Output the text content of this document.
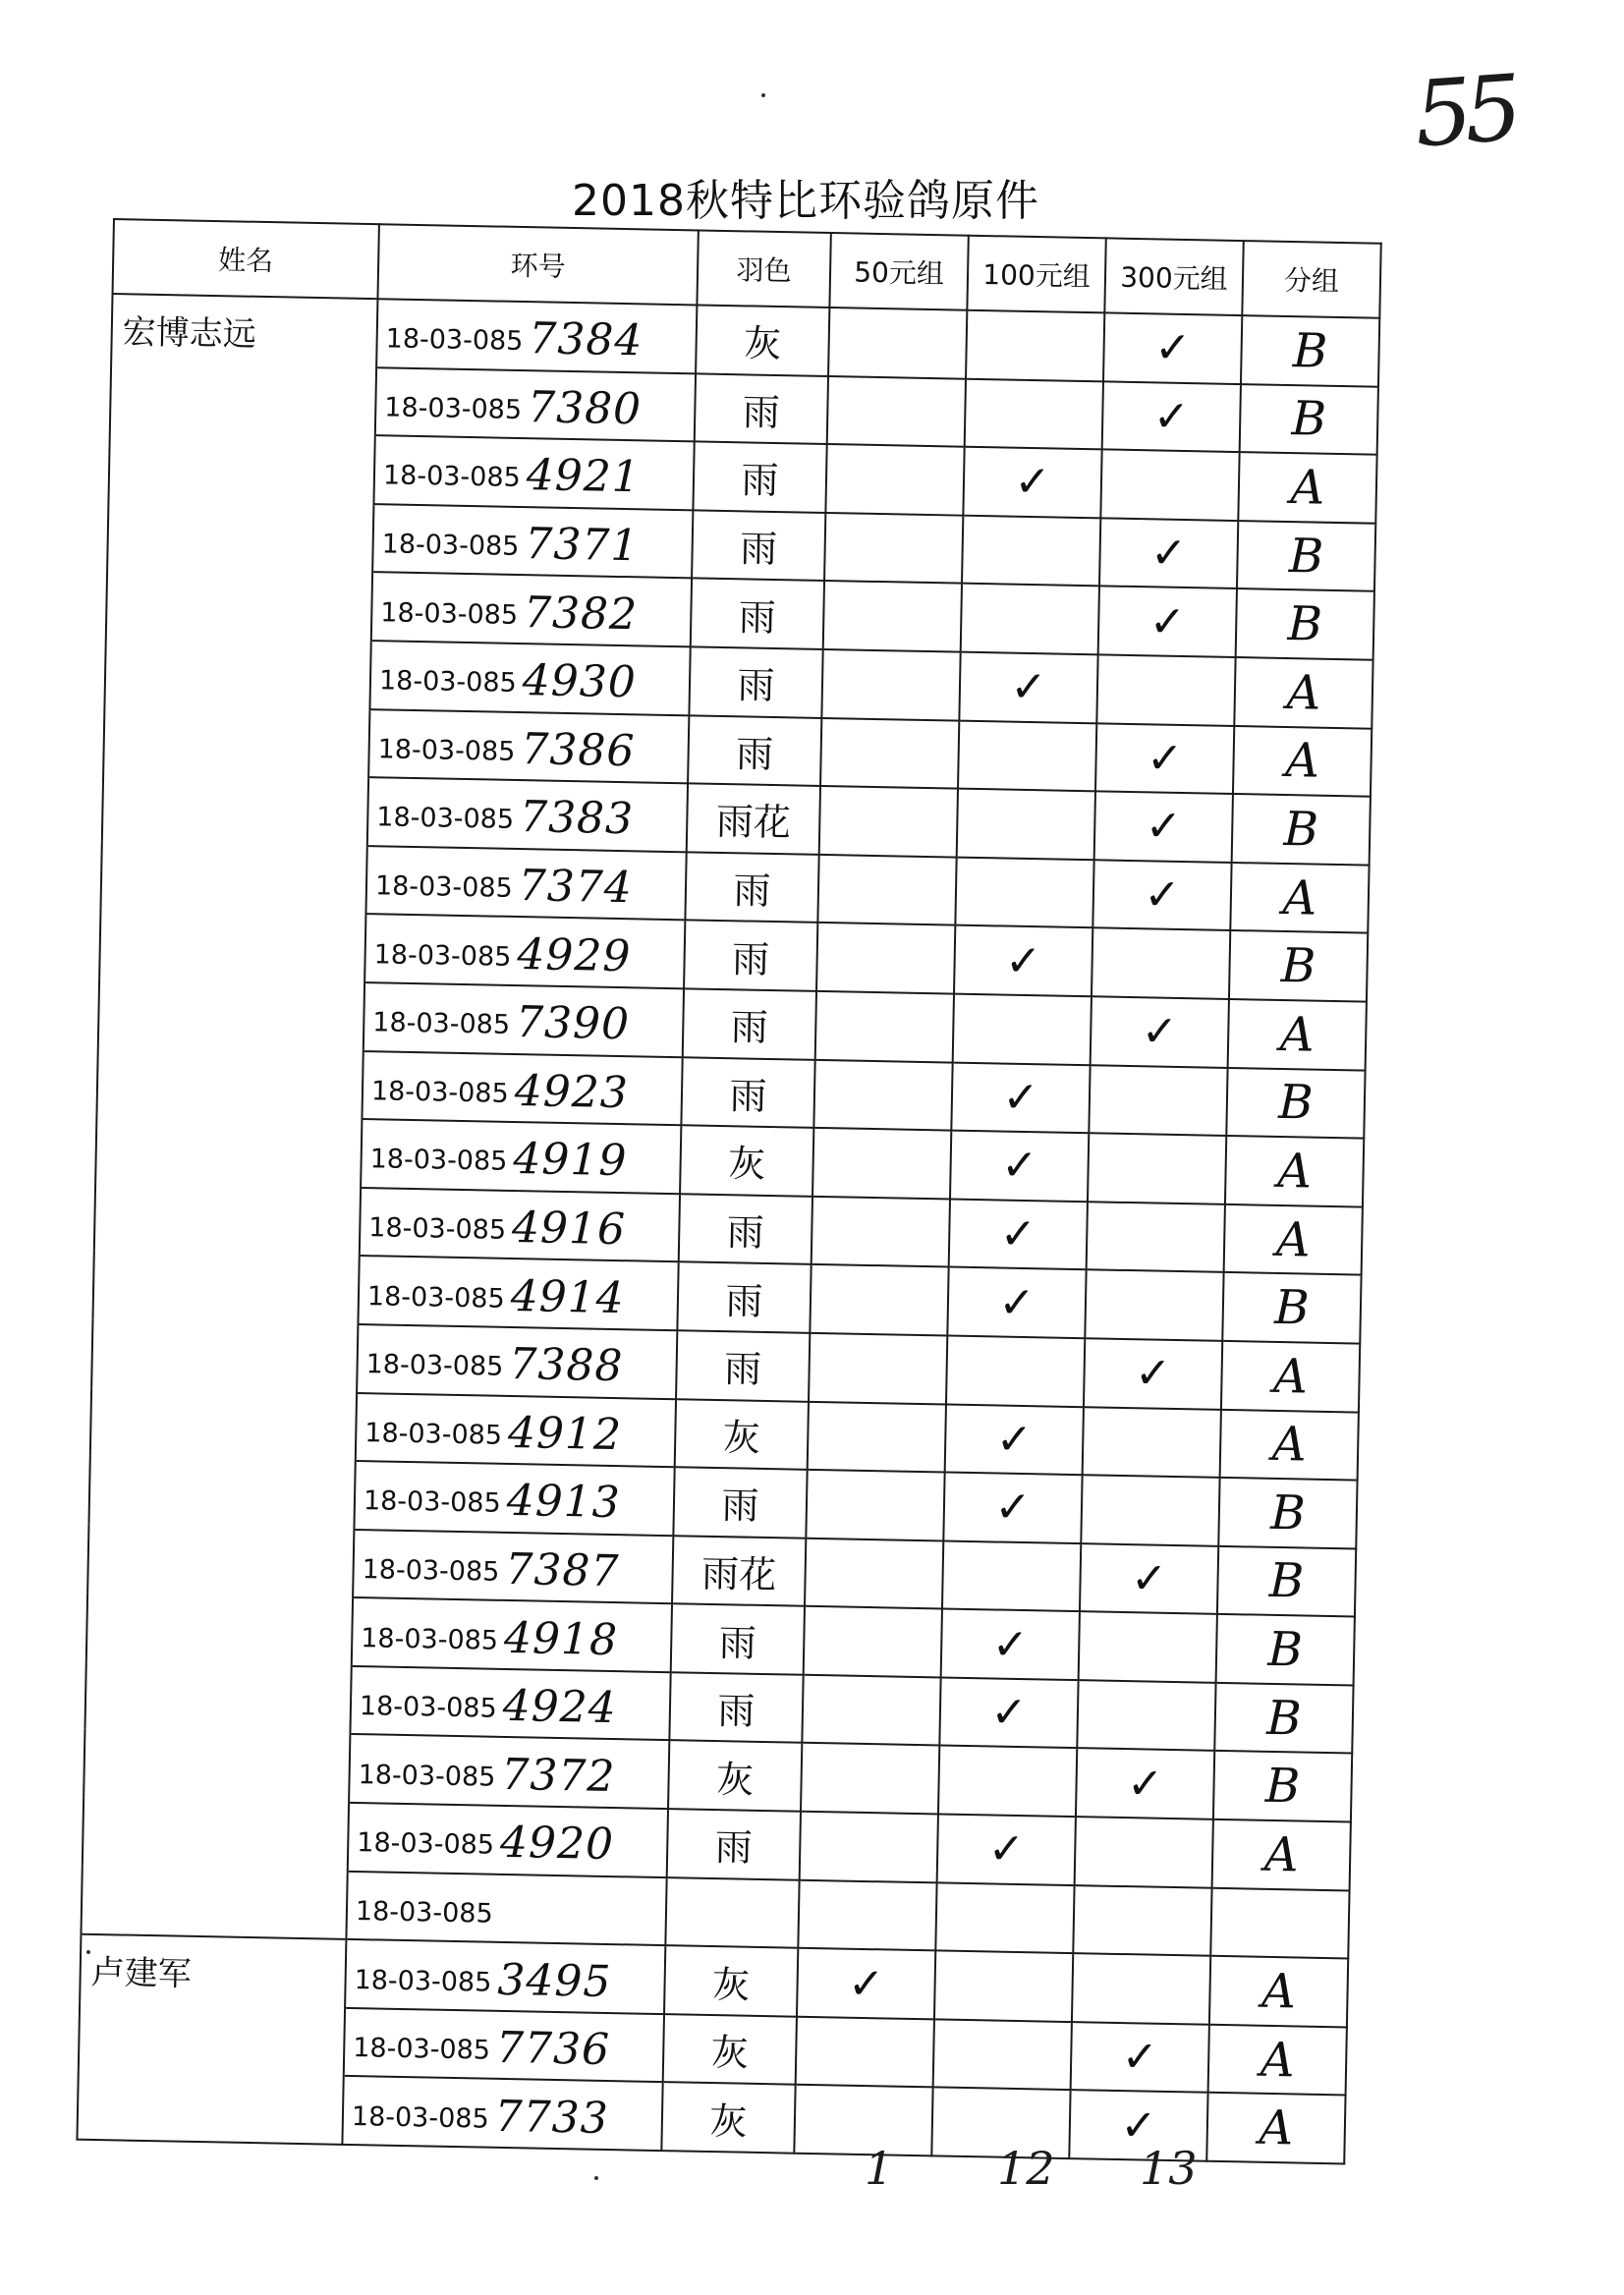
55
2018秋特比环验鸽原件
姓名	环号	羽色	50元组	100元组	300元组	分组
宏博志远	18-03-085 7384	灰			✓	B
	18-03-085 7380	雨			✓	B
	18-03-085 4921	雨		✓		A
	18-03-085 7371	雨			✓	B
	18-03-085 7382	雨			✓	B
	18-03-085 4930	雨		✓		A
	18-03-085 7386	雨			✓	A
	18-03-085 7383	雨花			✓	B
	18-03-085 7374	雨			✓	A
	18-03-085 4929	雨		✓		B
	18-03-085 7390	雨			✓	A
	18-03-085 4923	雨		✓		B
	18-03-085 4919	灰		✓		A
	18-03-085 4916	雨		✓		A
	18-03-085 4914	雨		✓		B
	18-03-085 7388	雨			✓	A
	18-03-085 4912	灰		✓		A
	18-03-085 4913	雨		✓		B
	18-03-085 7387	雨花			✓	B
	18-03-085 4918	雨		✓		B
	18-03-085 4924	雨		✓		B
	18-03-085 7372	灰			✓	B
	18-03-085 4920	雨		✓		A
	18-03-085					
卢建军	18-03-085 3495	灰	✓			A
	18-03-085 7736	灰			✓	A
	18-03-085 7733	灰			✓	A
1 12 13
